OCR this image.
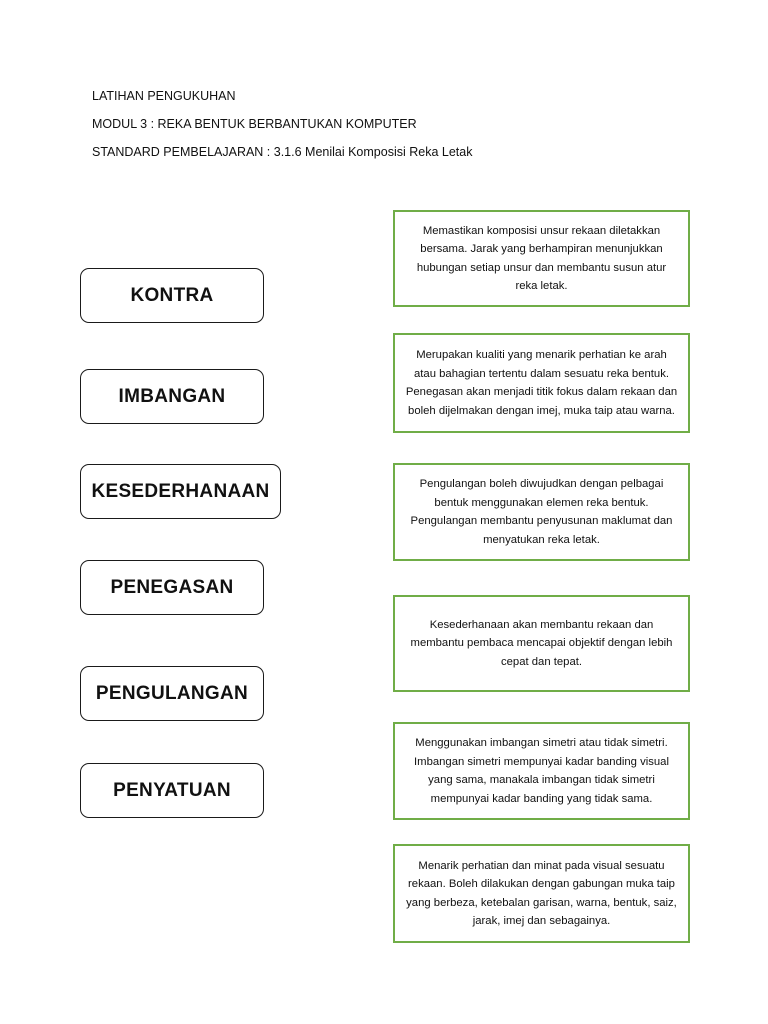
LATIHAN PENGUKUHAN
MODUL 3 : REKA BENTUK BERBANTUKAN KOMPUTER
STANDARD PEMBELAJARAN : 3.1.6 Menilai Komposisi Reka Letak
KONTRA
IMBANGAN
KESEDERHANAAN
PENEGASAN
PENGULANGAN
PENYATUAN
Memastikan komposisi unsur rekaan diletakkan bersama. Jarak yang berhampiran menunjukkan hubungan setiap unsur dan membantu susun atur reka letak.
Merupakan kualiti yang menarik perhatian ke arah atau bahagian tertentu dalam sesuatu reka bentuk. Penegasan akan menjadi titik fokus dalam rekaan dan boleh dijelmakan dengan imej, muka taip atau warna.
Pengulangan boleh diwujudkan dengan pelbagai bentuk menggunakan elemen reka bentuk. Pengulangan membantu penyusunan maklumat dan menyatukan reka letak.
Kesederhanaan akan membantu rekaan dan membantu pembaca mencapai objektif dengan lebih cepat dan tepat.
Menggunakan imbangan simetri atau tidak simetri. Imbangan simetri mempunyai kadar banding visual yang sama, manakala imbangan tidak simetri mempunyai kadar banding yang tidak sama.
Menarik perhatian dan minat pada visual sesuatu rekaan. Boleh dilakukan dengan gabungan muka taip yang berbeza, ketebalan garisan, warna, bentuk, saiz, jarak, imej dan sebagainya.
